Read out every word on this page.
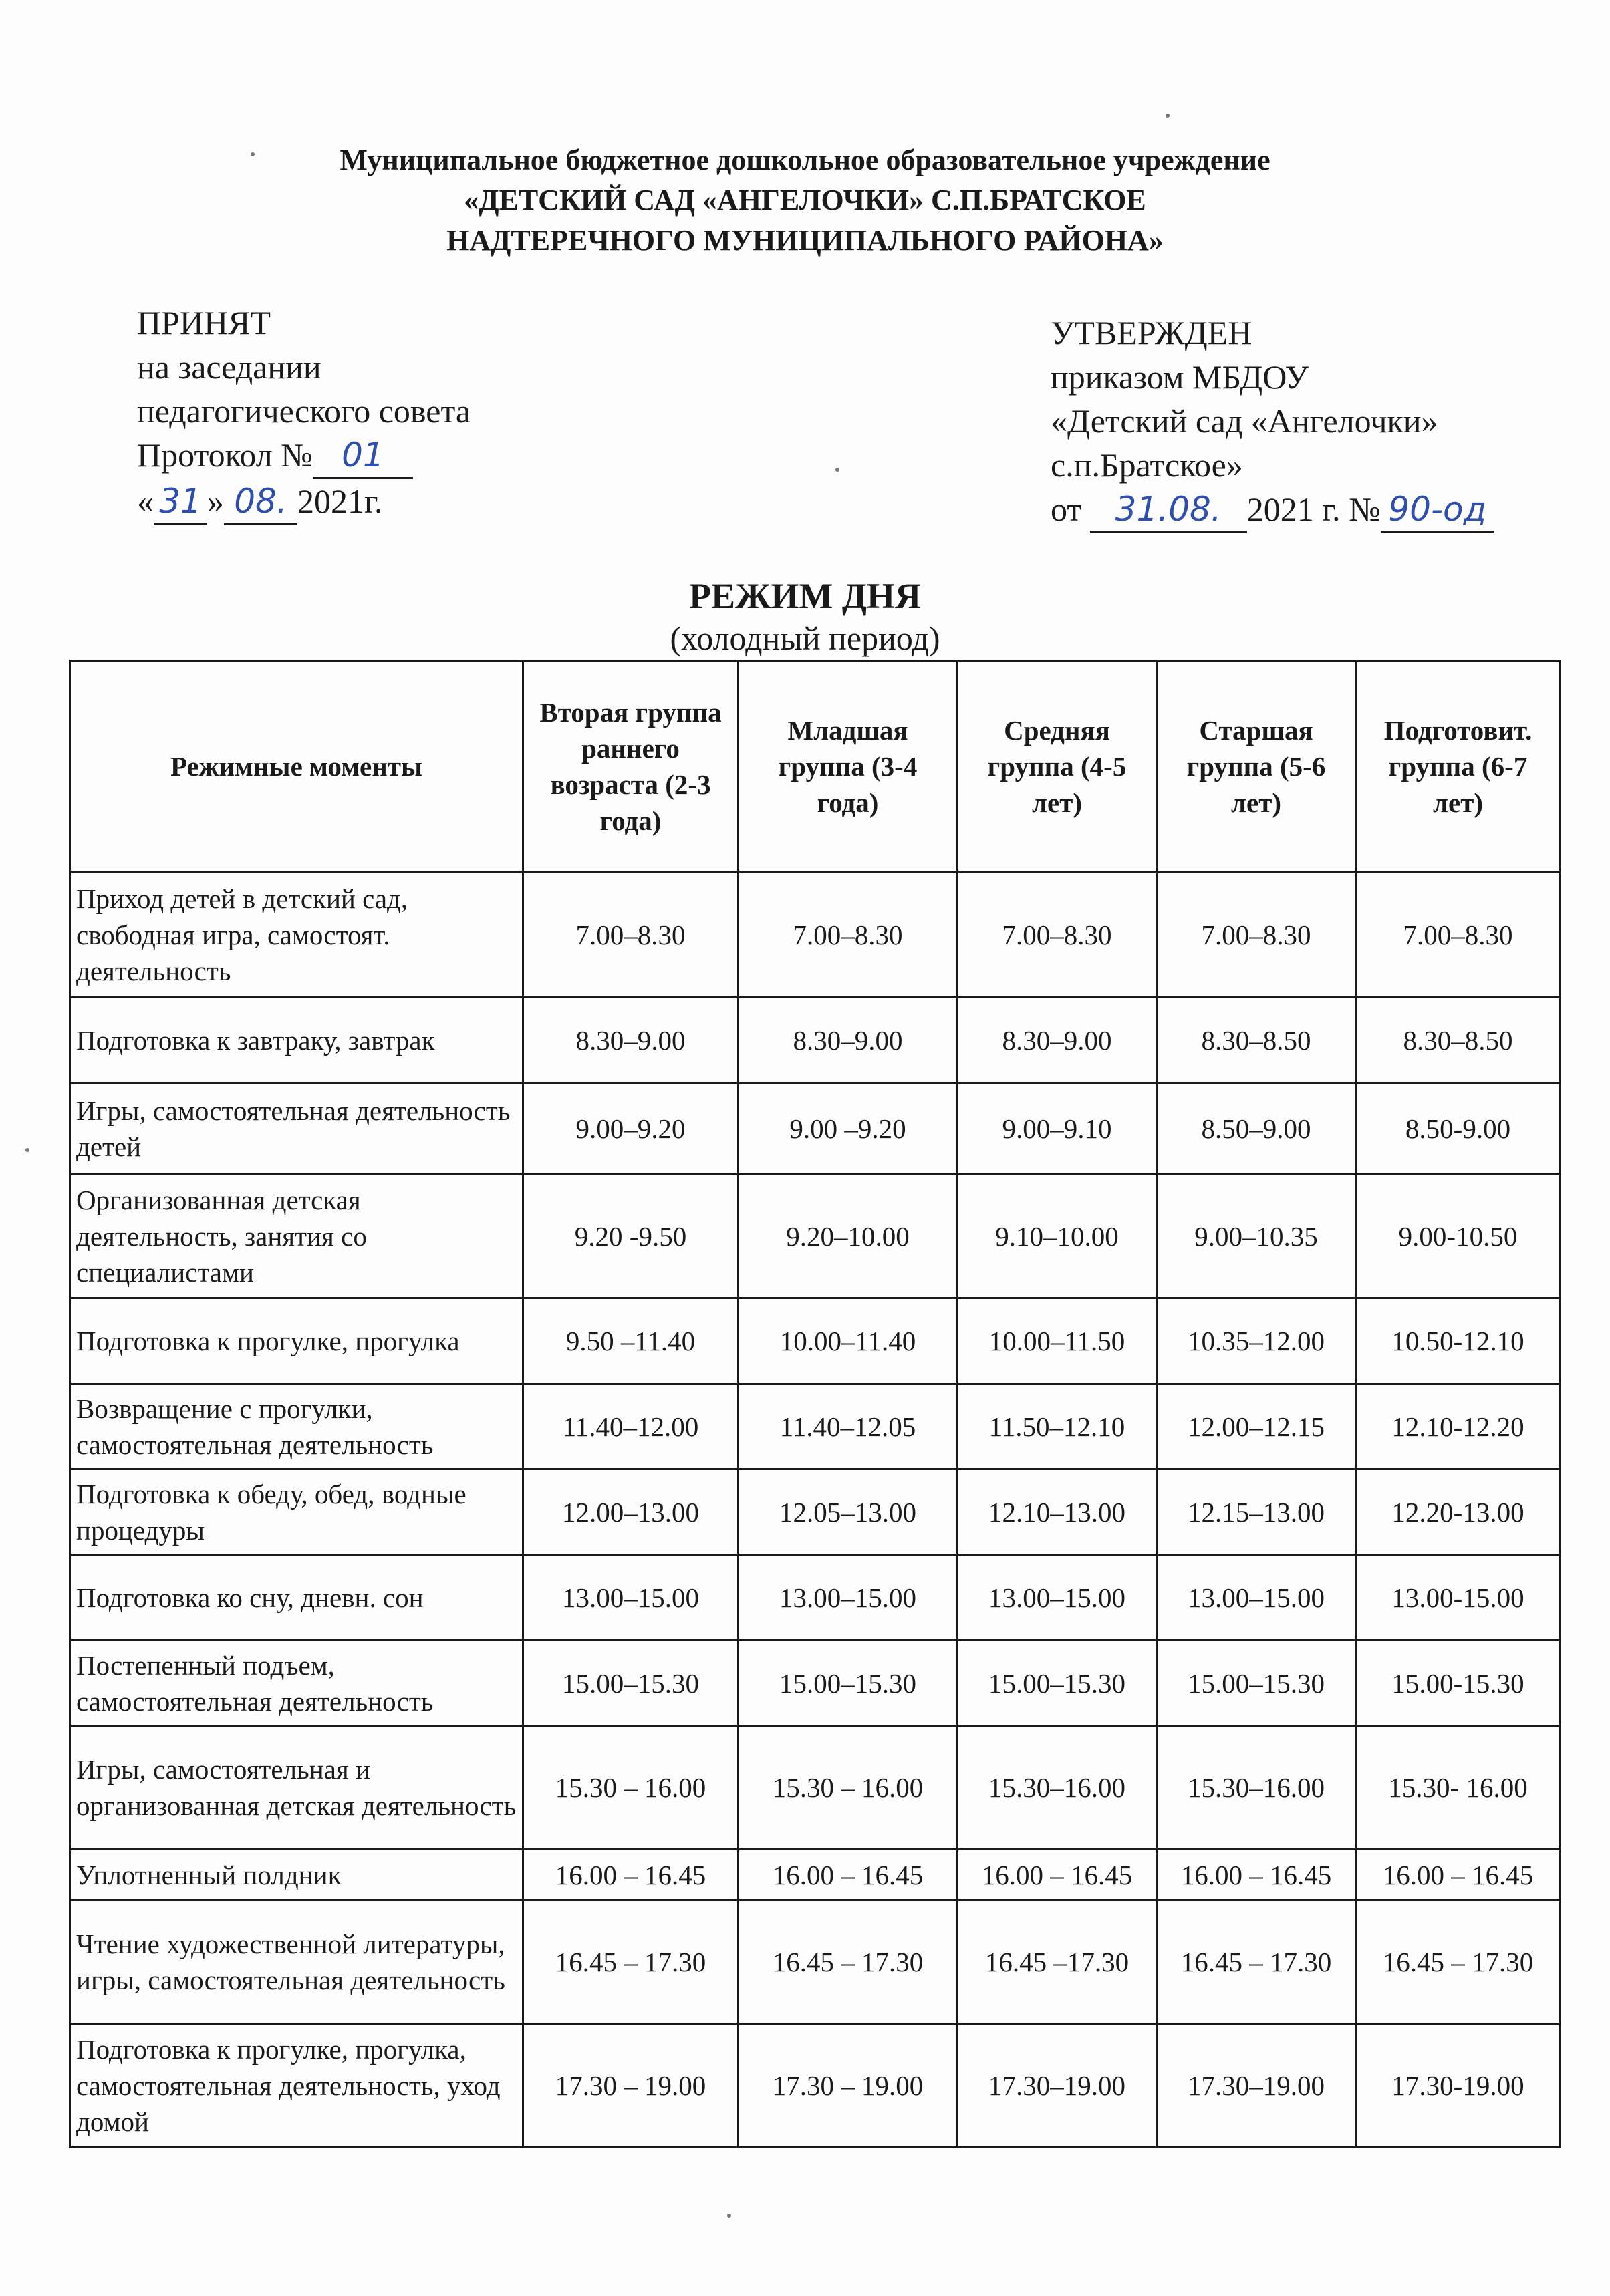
Муниципальное бюджетное дошкольное образовательное учреждение
«ДЕТСКИЙ САД «АНГЕЛОЧКИ» С.П.БРАТСКОЕ
НАДТЕРЕЧНОГО МУНИЦИПАЛЬНОГО РАЙОНА»
ПРИНЯТ
на заседании
педагогического совета
Протокол № 01
« 31 » 08. 2021г.
УТВЕРЖДЕН
приказом МБДОУ
«Детский сад «Ангелочки»
с.п.Братское»
от 31.08. 2021 г. № 90-од
РЕЖИМ ДНЯ
(холодный период)
Режимные моменты	Вторая группа раннего возраста (2-3 года)	Младшая группа (3-4 года)	Средняя группа (4-5 лет)	Старшая группа (5-6 лет)	Подготовит. группа (6-7 лет)
Приход детей в детский сад, свободная игра, самостоят. деятельность	7.00–8.30	7.00–8.30	7.00–8.30	7.00–8.30	7.00–8.30
Подготовка к завтраку, завтрак	8.30–9.00	8.30–9.00	8.30–9.00	8.30–8.50	8.30–8.50
Игры, самостоятельная деятельность детей	9.00–9.20	9.00 –9.20	9.00–9.10	8.50–9.00	8.50-9.00
Организованная детская деятельность, занятия со специалистами	9.20 -9.50	9.20–10.00	9.10–10.00	9.00–10.35	9.00-10.50
Подготовка к прогулке, прогулка	9.50 –11.40	10.00–11.40	10.00–11.50	10.35–12.00	10.50-12.10
Возвращение с прогулки, самостоятельная деятельность	11.40–12.00	11.40–12.05	11.50–12.10	12.00–12.15	12.10-12.20
Подготовка к обеду, обед, водные процедуры	12.00–13.00	12.05–13.00	12.10–13.00	12.15–13.00	12.20-13.00
Подготовка ко сну, дневн. сон	13.00–15.00	13.00–15.00	13.00–15.00	13.00–15.00	13.00-15.00
Постепенный подъем, самостоятельная деятельность	15.00–15.30	15.00–15.30	15.00–15.30	15.00–15.30	15.00-15.30
Игры, самостоятельная и организованная детская деятельность	15.30 – 16.00	15.30 – 16.00	15.30–16.00	15.30–16.00	15.30- 16.00
Уплотненный полдник	16.00 – 16.45	16.00 – 16.45	16.00 – 16.45	16.00 – 16.45	16.00 – 16.45
Чтение художественной литературы, игры, самостоятельная деятельность	16.45 – 17.30	16.45 – 17.30	16.45 –17.30	16.45 – 17.30	16.45 – 17.30
Подготовка к прогулке, прогулка, самостоятельная деятельность, уход домой	17.30 – 19.00	17.30 – 19.00	17.30–19.00	17.30–19.00	17.30-19.00
